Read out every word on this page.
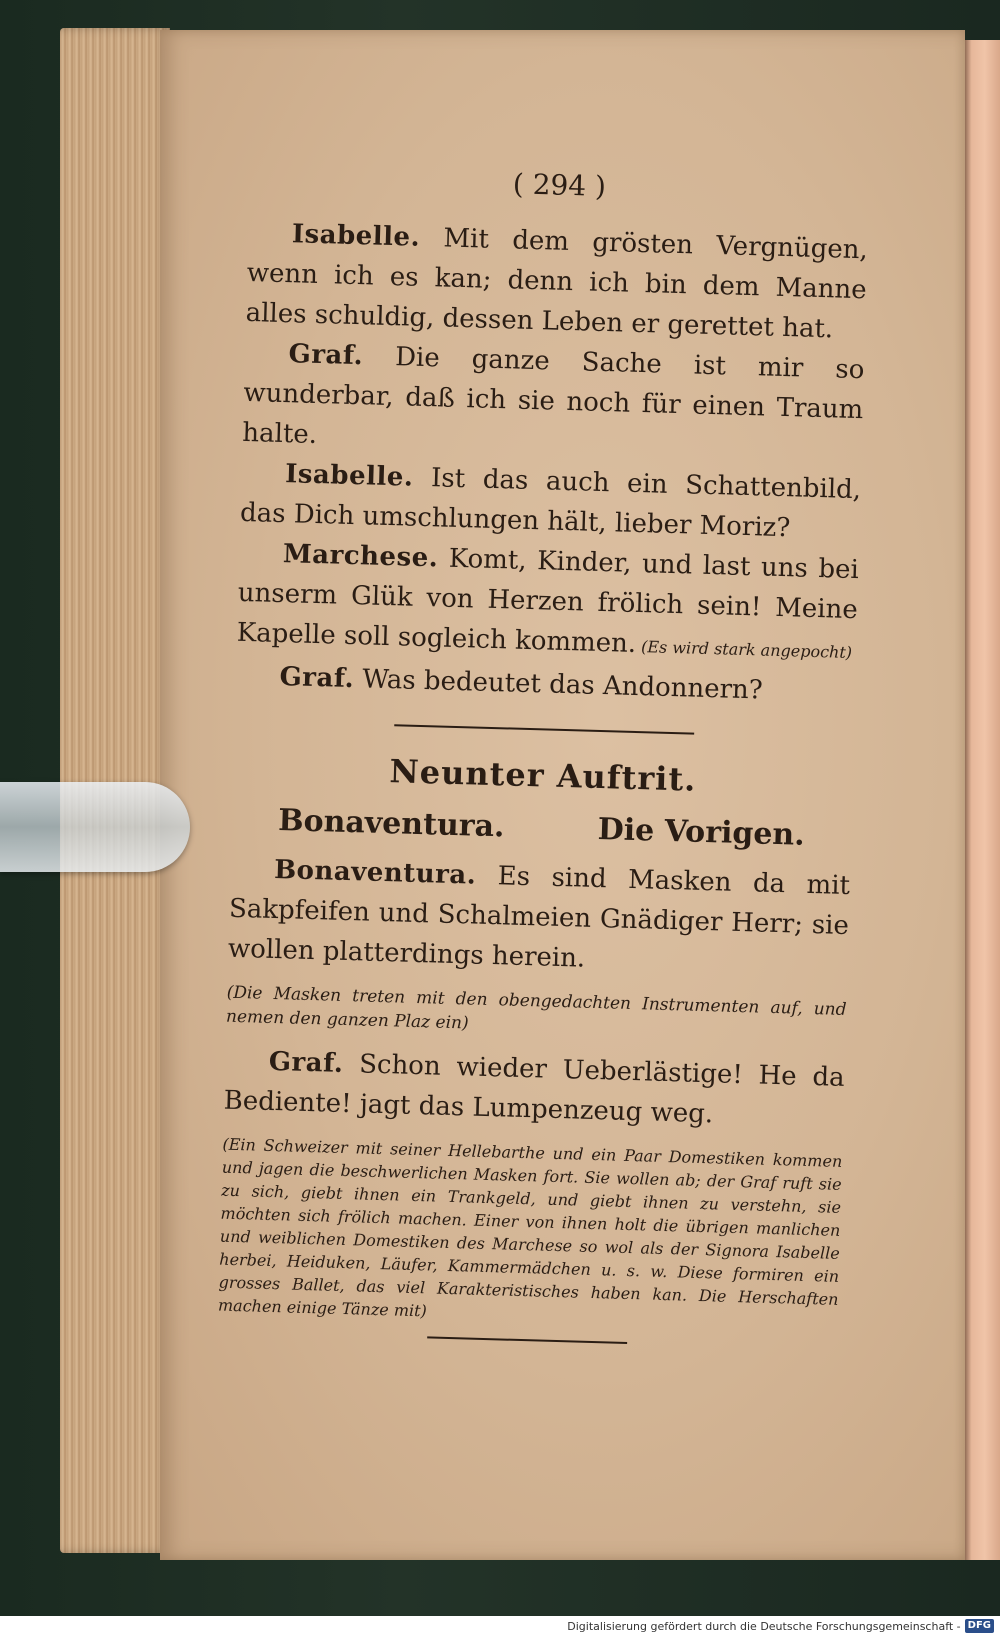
( 294 )

Isabelle. Mit dem grösten Vergnügen, wenn ich es kan; denn ich bin dem Manne alles schuldig, dessen Leben er gerettet hat.

Graf. Die ganze Sache ist mir so wunderbar, daß ich sie noch für einen Traum halte.

Isabelle. Ist das auch ein Schattenbild, das Dich umschlungen hält, lieber Moriz?

Marchese. Komt, Kinder, und last uns bei unserm Glük von Herzen frölich sein! Meine Kapelle soll sogleich kommen. (Es wird stark angepocht)

Graf. Was bedeutet das Andonnern?

Neunter Auftrit.
Bonaventura.	Die Vorigen.

Bonaventura. Es sind Masken da mit Sakpfeifen und Schalmeien Gnädiger Herr; sie wollen platterdings herein.

(Die Masken treten mit den obengedachten Instrumenten auf, und nemen den ganzen Plaz ein)

Graf. Schon wieder Ueberlästige! He da Bediente! jagt das Lumpenzeug weg.

(Ein Schweizer mit seiner Hellebarthe und ein Paar Domestiken kommen und jagen die beschwerlichen Masken fort. Sie wollen ab; der Graf ruft sie zu sich, giebt ihnen ein Trankgeld, und giebt ihnen zu verstehn, sie möchten sich frölich machen. Einer von ihnen holt die übrigen manlichen und weiblichen Domestiken des Marchese so wol als der Signora Isabelle herbei, Heiduken, Läufer, Kammermädchen u. s. w. Diese formiren ein grosses Ballet, das viel Karakteristisches haben kan. Die Herschaften machen einige Tänze mit)

Digitalisierung gefördert durch die Deutsche Forschungsgemeinschaft - DFG
